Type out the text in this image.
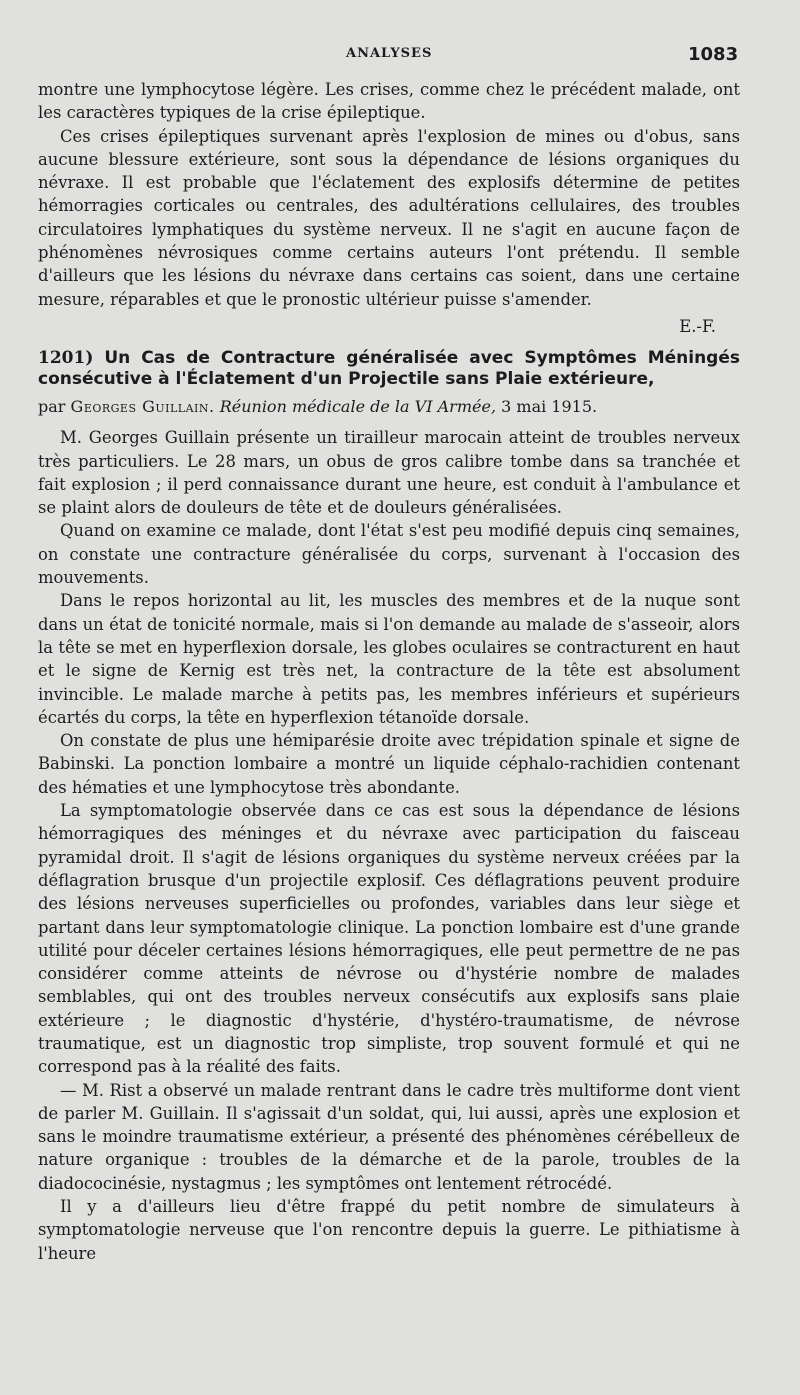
ANALYSES	1083

montre une lymphocytose légère. Les crises, comme chez le précédent malade, ont les caractères typiques de la crise épileptique.

Ces crises épileptiques survenant après l'explosion de mines ou d'obus, sans aucune blessure extérieure, sont sous la dépendance de lésions organiques du névraxe. Il est probable que l'éclatement des explosifs détermine de petites hémorragies corticales ou centrales, des adultérations cellulaires, des troubles circulatoires lymphatiques du système nerveux. Il ne s'agit en aucune façon de phénomènes névrosiques comme certains auteurs l'ont prétendu. Il semble d'ailleurs que les lésions du névraxe dans certains cas soient, dans une certaine mesure, réparables et que le pronostic ultérieur puisse s'amender.

E.-F.

1201) Un Cas de Contracture généralisée avec Symptômes Méningés consécutive à l'Éclatement d'un Projectile sans Plaie extérieure,
par Georges Guillain. Réunion médicale de la VI Armée, 3 mai 1915.

M. Georges Guillain présente un tirailleur marocain atteint de troubles nerveux très particuliers. Le 28 mars, un obus de gros calibre tombe dans sa tranchée et fait explosion ; il perd connaissance durant une heure, est conduit à l'ambulance et se plaint alors de douleurs de tête et de douleurs généralisées.

Quand on examine ce malade, dont l'état s'est peu modifié depuis cinq semaines, on constate une contracture généralisée du corps, survenant à l'occasion des mouvements.

Dans le repos horizontal au lit, les muscles des membres et de la nuque sont dans un état de tonicité normale, mais si l'on demande au malade de s'asseoir, alors la tête se met en hyperflexion dorsale, les globes oculaires se contracturent en haut et le signe de Kernig est très net, la contracture de la tête est absolument invincible. Le malade marche à petits pas, les membres inférieurs et supérieurs écartés du corps, la tête en hyperflexion tétanoïde dorsale.

On constate de plus une hémiparésie droite avec trépidation spinale et signe de Babinski. La ponction lombaire a montré un liquide céphalo-rachidien contenant des hématies et une lymphocytose très abondante.

La symptomatologie observée dans ce cas est sous la dépendance de lésions hémorragiques des méninges et du névraxe avec participation du faisceau pyramidal droit. Il s'agit de lésions organiques du système nerveux créées par la déflagration brusque d'un projectile explosif. Ces déflagrations peuvent produire des lésions nerveuses superficielles ou profondes, variables dans leur siège et partant dans leur symptomatologie clinique. La ponction lombaire est d'une grande utilité pour déceler certaines lésions hémorragiques, elle peut permettre de ne pas considérer comme atteints de névrose ou d'hystérie nombre de malades semblables, qui ont des troubles nerveux consécutifs aux explosifs sans plaie extérieure ; le diagnostic d'hystérie, d'hystéro-traumatisme, de névrose traumatique, est un diagnostic trop simpliste, trop souvent formulé et qui ne correspond pas à la réalité des faits.

— M. Rist a observé un malade rentrant dans le cadre très multiforme dont vient de parler M. Guillain. Il s'agissait d'un soldat, qui, lui aussi, après une explosion et sans le moindre traumatisme extérieur, a présenté des phénomènes cérébelleux de nature organique : troubles de la démarche et de la parole, troubles de la diadococinésie, nystagmus ; les symptômes ont lentement rétrocédé.

Il y a d'ailleurs lieu d'être frappé du petit nombre de simulateurs à symptomatologie nerveuse que l'on rencontre depuis la guerre. Le pithiatisme à l'heure
